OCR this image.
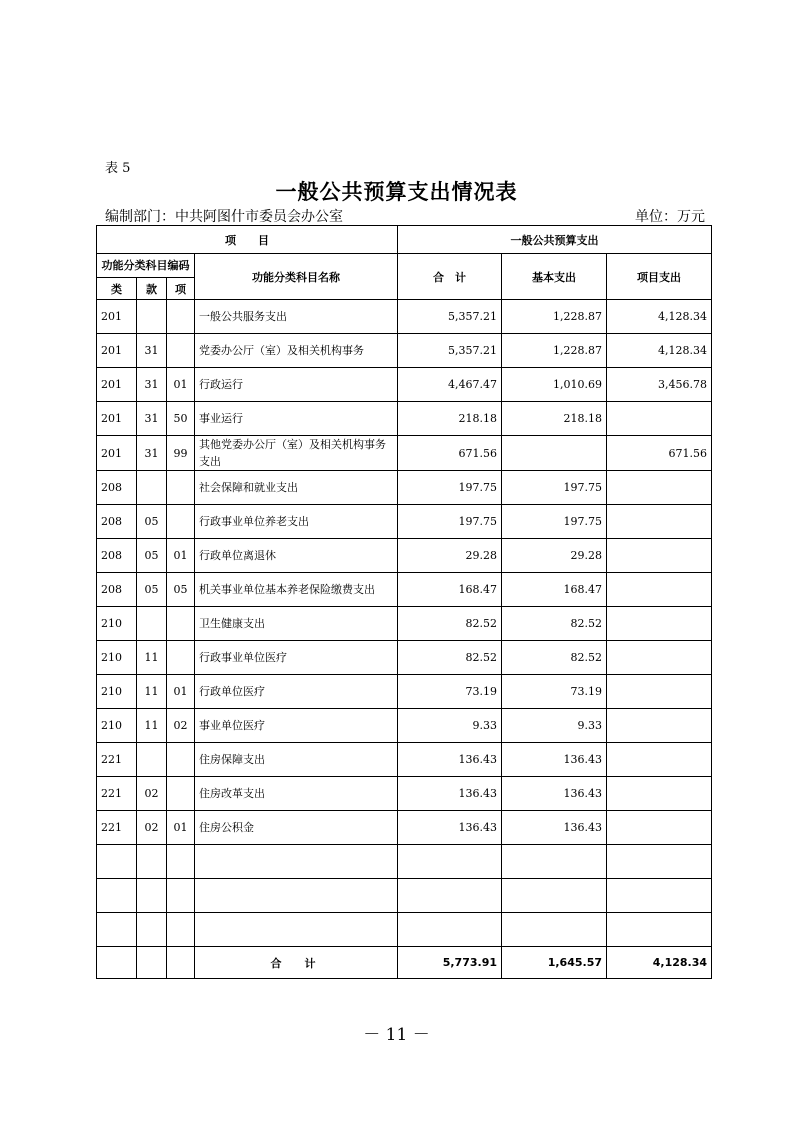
表 5
一般公共预算支出情况表
编制部门：中共阿图什市委员会办公室	单位：万元
项　　目				一般公共预算支出		
功能分类科目编码			功能分类科目名称	合　计	基本支出	项目支出
类	款	项				
201			一般公共服务支出	5,357.21	1,228.87	4,128.34
201	31		党委办公厅（室）及相关机构事务	5,357.21	1,228.87	4,128.34
201	31	01	行政运行	4,467.47	1,010.69	3,456.78
201	31	50	事业运行	218.18	218.18	
201	31	99	其他党委办公厅（室）及相关机构事务支出	671.56		671.56
208			社会保障和就业支出	197.75	197.75	
208	05		行政事业单位养老支出	197.75	197.75	
208	05	01	行政单位离退休	29.28	29.28	
208	05	05	机关事业单位基本养老保险缴费支出	168.47	168.47	
210			卫生健康支出	82.52	82.52	
210	11		行政事业单位医疗	82.52	82.52	
210	11	01	行政单位医疗	73.19	73.19	
210	11	02	事业单位医疗	9.33	9.33	
221			住房保障支出	136.43	136.43	
221	02		住房改革支出	136.43	136.43	
221	02	01	住房公积金	136.43	136.43	

			合　计	5,773.91	1,645.57	4,128.34
－ 11 －
